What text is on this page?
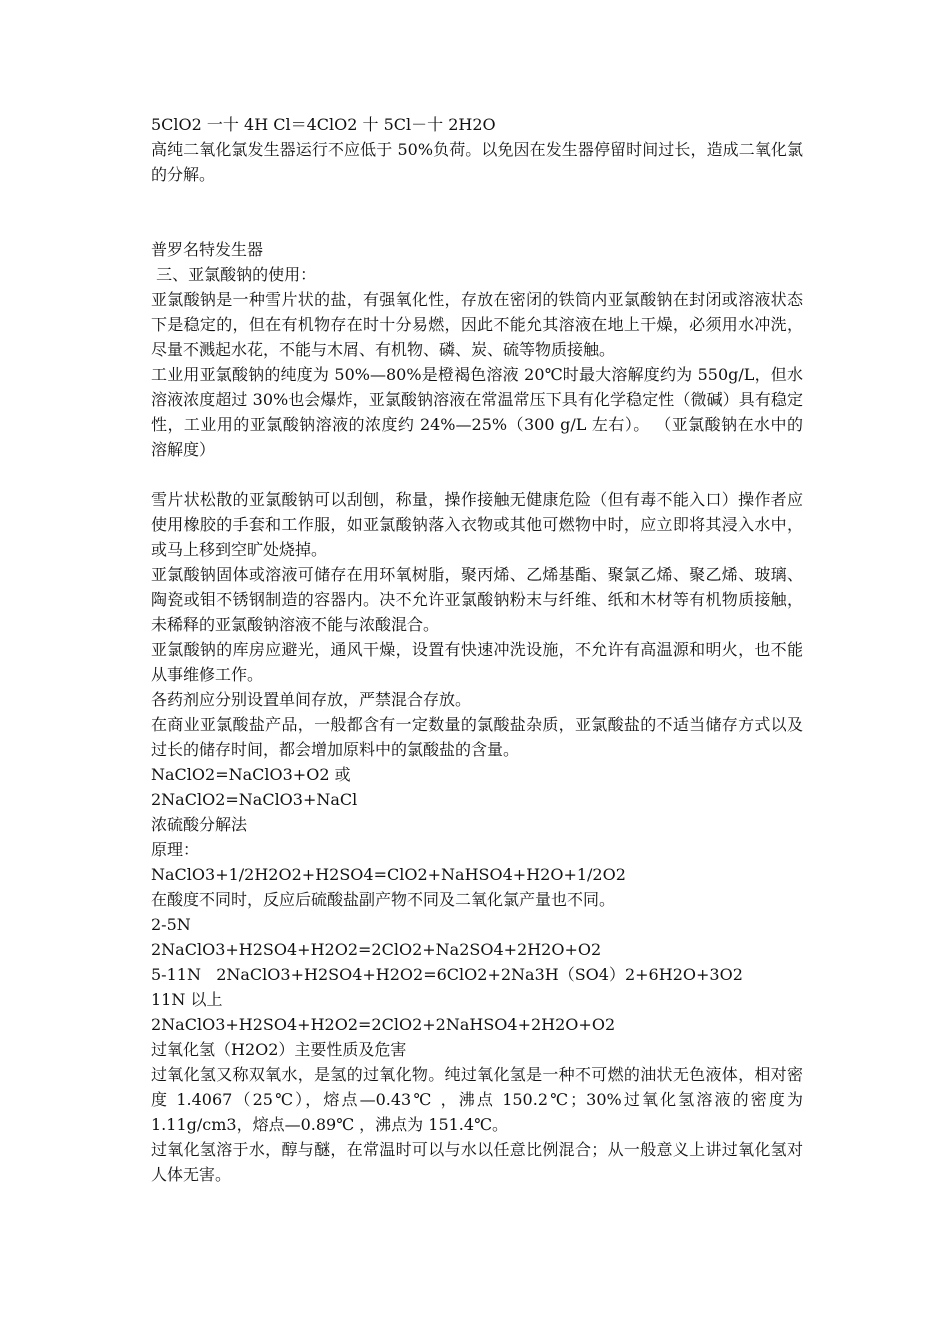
5ClO2 一十 4H Cl＝4ClO2 十 5Cl－十 2H2O
高纯二氧化氯发生器运行不应低于 50%负荷。以免因在发生器停留时间过长，造成二氧化氯的分解。
普罗名特发生器
三、亚氯酸钠的使用：
亚氯酸钠是一种雪片状的盐，有强氧化性，存放在密闭的铁筒内亚氯酸钠在封闭或溶液状态下是稳定的，但在有机物存在时十分易燃，因此不能允其溶液在地上干燥，必须用水冲洗，尽量不溅起水花，不能与木屑、有机物、磷、炭、硫等物质接触。
工业用亚氯酸钠的纯度为 50%—80%是橙褐色溶液 20℃时最大溶解度约为 550g/L，但水溶液浓度超过 30%也会爆炸，亚氯酸钠溶液在常温常压下具有化学稳定性（微碱）具有稳定性，工业用的亚氯酸钠溶液的浓度约 24%—25%（300 g/L 左右）。 （亚氯酸钠在水中的溶解度）
雪片状松散的亚氯酸钠可以刮刨，称量，操作接触无健康危险（但有毒不能入口）操作者应使用橡胶的手套和工作服，如亚氯酸钠落入衣物或其他可燃物中时，应立即将其浸入水中，或马上移到空旷处烧掉。
亚氯酸钠固体或溶液可储存在用环氧树脂，聚丙烯、乙烯基酯、聚氯乙烯、聚乙烯、玻璃、陶瓷或钼不锈钢制造的容器内。决不允许亚氯酸钠粉末与纤维、纸和木材等有机物质接触，未稀释的亚氯酸钠溶液不能与浓酸混合。
亚氯酸钠的库房应避光，通风干燥，设置有快速冲洗设施，不允许有高温源和明火，也不能从事维修工作。
各药剂应分别设置单间存放，严禁混合存放。
在商业亚氯酸盐产品，一般都含有一定数量的氯酸盐杂质，亚氯酸盐的不适当储存方式以及过长的储存时间，都会增加原料中的氯酸盐的含量。
NaClO2=NaClO3+O2 或
2NaClO2=NaClO3+NaCl
浓硫酸分解法
原理：
NaClO3+1/2H2O2+H2SO4=ClO2+NaHSO4+H2O+1/2O2
在酸度不同时，反应后硫酸盐副产物不同及二氧化氯产量也不同。
2-5N
2NaClO3+H2SO4+H2O2=2ClO2+Na2SO4+2H2O+O2
5-11N   2NaClO3+H2SO4+H2O2=6ClO2+2Na3H（SO4）2+6H2O+3O2
11N 以上
2NaClO3+H2SO4+H2O2=2ClO2+2NaHSO4+2H2O+O2
过氧化氢（H2O2）主要性质及危害
过氧化氢又称双氧水，是氢的过氧化物。纯过氧化氢是一种不可燃的油状无色液体，相对密度 1.4067（25℃），熔点—0.43℃ ，沸点 150.2℃；30%过氧化氢溶液的密度为 1.11g/cm3，熔点—0.89℃ ，沸点为 151.4℃。
过氧化氢溶于水，醇与醚，在常温时可以与水以任意比例混合；从一般意义上讲过氧化氢对人体无害。
